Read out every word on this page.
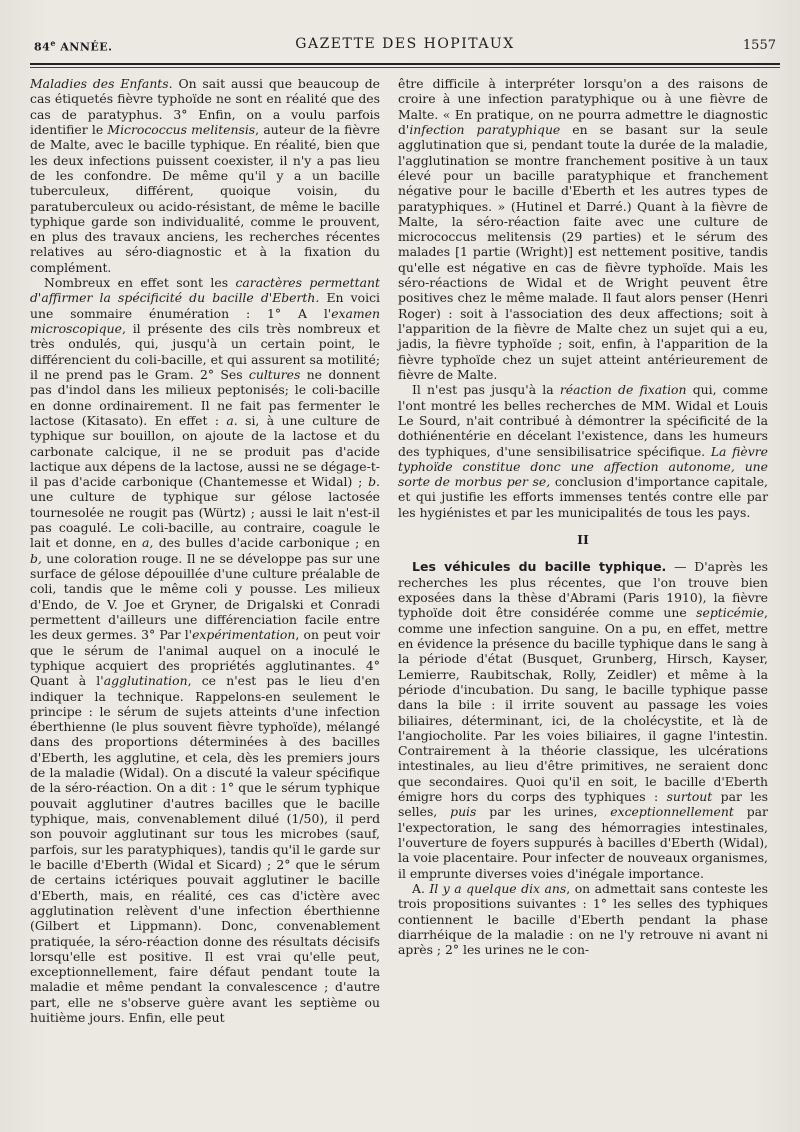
84e ANNÉE.	GAZETTE DES HOPITAUX	1557

Maladies des Enfants. On sait aussi que beaucoup de cas étiquetés fièvre typhoïde ne sont en réalité que des cas de paratyphus. 3° Enfin, on a voulu parfois identifier le Micrococcus melitensis, auteur de la fièvre de Malte, avec le bacille typhique. En réalité, bien que les deux infections puissent coexister, il n'y a pas lieu de les confondre. De même qu'il y a un bacille tuberculeux, différent, quoique voisin, du paratuberculeux ou acido-résistant, de même le bacille typhique garde son individualité, comme le prouvent, en plus des travaux anciens, les recherches récentes relatives au séro-diagnostic et à la fixation du complément.

Nombreux en effet sont les caractères permettant d'affirmer la spécificité du bacille d'Eberth. En voici une sommaire énumération : 1° A l'examen microscopique, il présente des cils très nombreux et très ondulés, qui, jusqu'à un certain point, le différencient du coli-bacille, et qui assurent sa motilité; il ne prend pas le Gram. 2° Ses cultures ne donnent pas d'indol dans les milieux peptonisés; le coli-bacille en donne ordinairement. Il ne fait pas fermenter le lactose (Kitasato). En effet : a. si, à une culture de typhique sur bouillon, on ajoute de la lactose et du carbonate calcique, il ne se produit pas d'acide lactique aux dépens de la lactose, aussi ne se dégage-t-il pas d'acide carbonique (Chantemesse et Widal) ; b. une culture de typhique sur gélose lactosée tournesolée ne rougit pas (Würtz) ; aussi le lait n'est-il pas coagulé. Le coli-bacille, au contraire, coagule le lait et donne, en a, des bulles d'acide carbonique ; en b, une coloration rouge. Il ne se développe pas sur une surface de gélose dépouillée d'une culture préalable de coli, tandis que le même coli y pousse. Les milieux d'Endo, de V. Joe et Gryner, de Drigalski et Conradi permettent d'ailleurs une différenciation facile entre les deux germes. 3° Par l'expérimentation, on peut voir que le sérum de l'animal auquel on a inoculé le typhique acquiert des propriétés agglutinantes. 4° Quant à l'agglutination, ce n'est pas le lieu d'en indiquer la technique. Rappelons-en seulement le principe : le sérum de sujets atteints d'une infection éberthienne (le plus souvent fièvre typhoïde), mélangé dans des proportions déterminées à des bacilles d'Eberth, les agglutine, et cela, dès les premiers jours de la maladie (Widal). On a discuté la valeur spécifique de la séro-réaction. On a dit : 1° que le sérum typhique pouvait agglutiner d'autres bacilles que le bacille typhique, mais, convenablement dilué (1/50), il perd son pouvoir agglutinant sur tous les microbes (sauf, parfois, sur les paratyphiques), tandis qu'il le garde sur le bacille d'Eberth (Widal et Sicard) ; 2° que le sérum de certains ictériques pouvait agglutiner le bacille d'Eberth, mais, en réalité, ces cas d'ictère avec agglutination relèvent d'une infection éberthienne (Gilbert et Lippmann). Donc, convenablement pratiquée, la séro-réaction donne des résultats décisifs lorsqu'elle est positive. Il est vrai qu'elle peut, exceptionnellement, faire défaut pendant toute la maladie et même pendant la convalescence ; d'autre part, elle ne s'observe guère avant les septième ou huitième jours. Enfin, elle peut

être difficile à interpréter lorsqu'on a des raisons de croire à une infection paratyphique ou à une fièvre de Malte. « En pratique, on ne pourra admettre le diagnostic d'infection paratyphique en se basant sur la seule agglutination que si, pendant toute la durée de la maladie, l'agglutination se montre franchement positive à un taux élevé pour un bacille paratyphique et franchement négative pour le bacille d'Eberth et les autres types de paratyphiques. » (Hutinel et Darré.) Quant à la fièvre de Malte, la séro-réaction faite avec une culture de micrococcus melitensis (29 parties) et le sérum des malades [1 partie (Wright)] est nettement positive, tandis qu'elle est négative en cas de fièvre typhoïde. Mais les séro-réactions de Widal et de Wright peuvent être positives chez le même malade. Il faut alors penser (Henri Roger) : soit à l'association des deux affections; soit à l'apparition de la fièvre de Malte chez un sujet qui a eu, jadis, la fièvre typhoïde ; soit, enfin, à l'apparition de la fièvre typhoïde chez un sujet atteint antérieurement de fièvre de Malte.

Il n'est pas jusqu'à la réaction de fixation qui, comme l'ont montré les belles recherches de MM. Widal et Louis Le Sourd, n'ait contribué à démontrer la spécificité de la dothiénentérie en décelant l'existence, dans les humeurs des typhiques, d'une sensibilisatrice spécifique. La fièvre typhoïde constitue donc une affection autonome, une sorte de morbus per se, conclusion d'importance capitale, et qui justifie les efforts immenses tentés contre elle par les hygiénistes et par les municipalités de tous les pays.

II

Les véhicules du bacille typhique. — D'après les recherches les plus récentes, que l'on trouve bien exposées dans la thèse d'Abrami (Paris 1910), la fièvre typhoïde doit être considérée comme une septicémie, comme une infection sanguine. On a pu, en effet, mettre en évidence la présence du bacille typhique dans le sang à la période d'état (Busquet, Grunberg, Hirsch, Kayser, Lemierre, Raubitschak, Rolly, Zeidler) et même à la période d'incubation. Du sang, le bacille typhique passe dans la bile : il irrite souvent au passage les voies biliaires, déterminant, ici, de la cholécystite, et là de l'angiocholite. Par les voies biliaires, il gagne l'intestin. Contrairement à la théorie classique, les ulcérations intestinales, au lieu d'être primitives, ne seraient donc que secondaires. Quoi qu'il en soit, le bacille d'Eberth émigre hors du corps des typhiques : surtout par les selles, puis par les urines, exceptionnellement par l'expectoration, le sang des hémorragies intestinales, l'ouverture de foyers suppurés à bacilles d'Eberth (Widal), la voie placentaire. Pour infecter de nouveaux organismes, il emprunte diverses voies d'inégale importance.

A. Il y a quelque dix ans, on admettait sans conteste les trois propositions suivantes : 1° les selles des typhiques contiennent le bacille d'Eberth pendant la phase diarrhéique de la maladie : on ne l'y retrouve ni avant ni après ; 2° les urines ne le con-
